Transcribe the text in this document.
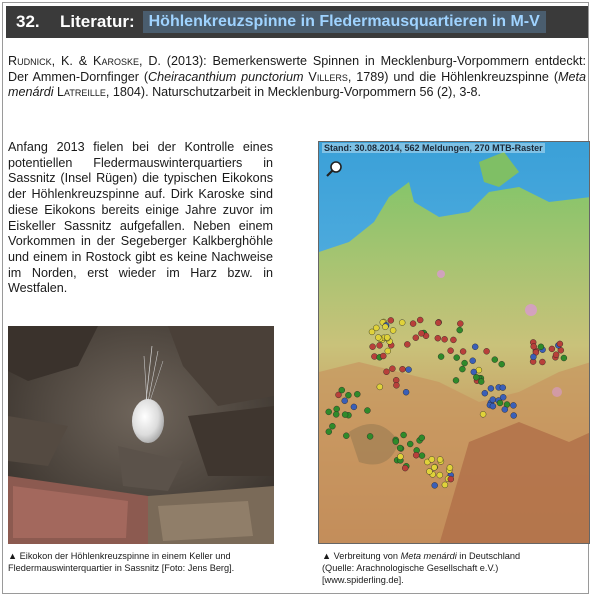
32.	Literatur: Höhlenkreuzspinne in Fledermausquartieren in M-V
Rudnick, K. & Karoske, D. (2013): Bemerkenswerte Spinnen in Mecklenburg-Vorpommern entdeckt: Der Ammen-Dornfinger (Cheiracanthium punctorium Villers, 1789) und die Höhlenkreuzspinne (Meta menárdi Latreille, 1804). Naturschutzarbeit in Mecklenburg-Vorpommern 56 (2), 3-8.
Anfang 2013 fielen bei der Kontrolle eines potentiellen Fledermauswinterquartiers in Sassnitz (Insel Rügen) die typischen Eikokons der Höhlenkreuzspinne auf. Dirk Karoske sind diese Eikokons bereits einige Jahre zuvor im Eiskeller Sassnitz aufgefallen. Neben einem Vorkommen in der Segeberger Kalkberghöhle und einem in Rostock gibt es keine Nachweise im Norden, erst wieder im Harz bzw. in Westfalen.
▲ Eikokon der Höhlenkreuzspinne in einem Keller und Fledermauswinterquartier in Sassnitz [Foto: Jens Berg].
Stand: 30.08.2014, 562 Meldungen, 270 MTB-Raster
▲ Verbreitung von Meta menárdi in Deutschland
(Quelle: Arachnologische Gesellschaft e.V.)
[www.spiderling.de].
